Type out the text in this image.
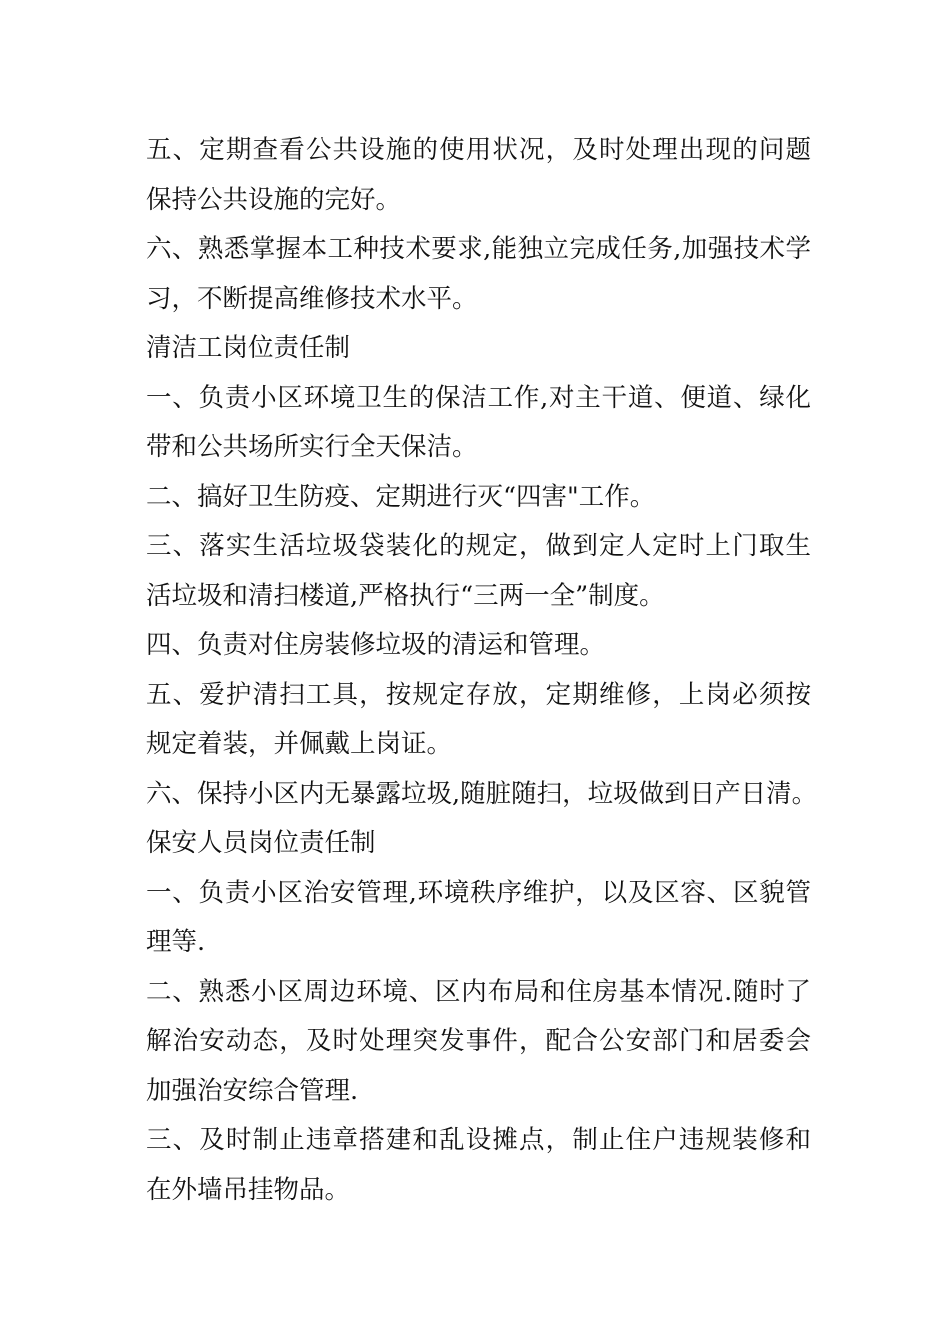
五、定期查看公共设施的使用状况，及时处理出现的问题
保持公共设施的完好。
六、熟悉掌握本工种技术要求,能独立完成任务,加强技术学
习，不断提高维修技术水平。
清洁工岗位责任制
一、负责小区环境卫生的保洁工作,对主干道、便道、绿化
带和公共场所实行全天保洁。
二、搞好卫生防疫、定期进行灭“四害"工作。
三、落实生活垃圾袋装化的规定，做到定人定时上门取生
活垃圾和清扫楼道,严格执行“三两一全”制度。
四、负责对住房装修垃圾的清运和管理。
五、爱护清扫工具，按规定存放，定期维修，上岗必须按
规定着装，并佩戴上岗证。
六、保持小区内无暴露垃圾,随脏随扫，垃圾做到日产日清。
保安人员岗位责任制
一、负责小区治安管理,环境秩序维护，以及区容、区貌管
理等.
二、熟悉小区周边环境、区内布局和住房基本情况.随时了
解治安动态，及时处理突发事件，配合公安部门和居委会
加强治安综合管理.
三、及时制止违章搭建和乱设摊点，制止住户违规装修和
在外墙吊挂物品。
